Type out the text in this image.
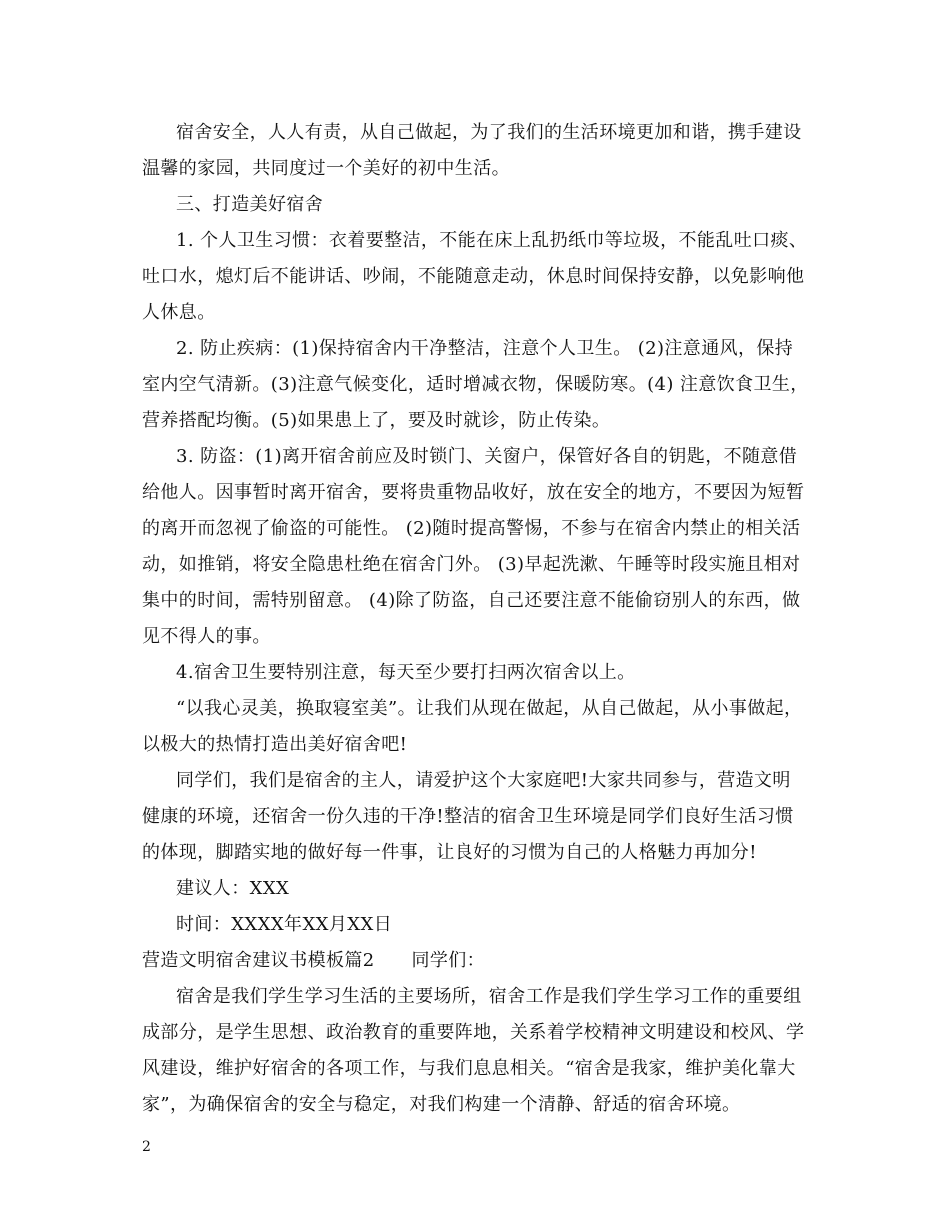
宿舍安全，人人有责，从自己做起，为了我们的生活环境更加和谐，携手建设
温馨的家园，共同度过一个美好的初中生活。
三、打造美好宿舍
1. 个人卫生习惯：衣着要整洁，不能在床上乱扔纸巾等垃圾，不能乱吐口痰、
吐口水，熄灯后不能讲话、吵闹，不能随意走动，休息时间保持安静，以免影响他
人休息。
2. 防止疾病：(1)保持宿舍内干净整洁，注意个人卫生。 (2)注意通风，保持
室内空气清新。(3)注意气候变化，适时增减衣物，保暖防寒。(4) 注意饮食卫生，
营养搭配均衡。(5)如果患上了，要及时就诊，防止传染。
3. 防盗：(1)离开宿舍前应及时锁门、关窗户，保管好各自的钥匙，不随意借
给他人。因事暂时离开宿舍，要将贵重物品收好，放在安全的地方，不要因为短暂
的离开而忽视了偷盗的可能性。 (2)随时提高警惕，不参与在宿舍内禁止的相关活
动，如推销，将安全隐患杜绝在宿舍门外。 (3)早起洗漱、午睡等时段实施且相对
集中的时间，需特别留意。 (4)除了防盗，自己还要注意不能偷窃别人的东西，做
见不得人的事。
4.宿舍卫生要特别注意，每天至少要打扫两次宿舍以上。
“以我心灵美，换取寝室美”。让我们从现在做起，从自己做起，从小事做起，
以极大的热情打造出美好宿舍吧!
同学们，我们是宿舍的主人，请爱护这个大家庭吧!大家共同参与，营造文明
健康的环境，还宿舍一份久违的干净!整洁的宿舍卫生环境是同学们良好生活习惯
的体现，脚踏实地的做好每一件事，让良好的习惯为自己的人格魅力再加分!
建议人：XXX
时间：XXXX年XX月XX日
营造文明宿舍建议书模板篇2　　同学们：
宿舍是我们学生学习生活的主要场所，宿舍工作是我们学生学习工作的重要组
成部分，是学生思想、政治教育的重要阵地，关系着学校精神文明建设和校风、学
风建设，维护好宿舍的各项工作，与我们息息相关。“宿舍是我家，维护美化靠大
家”，为确保宿舍的安全与稳定，对我们构建一个清静、舒适的宿舍环境。
2
